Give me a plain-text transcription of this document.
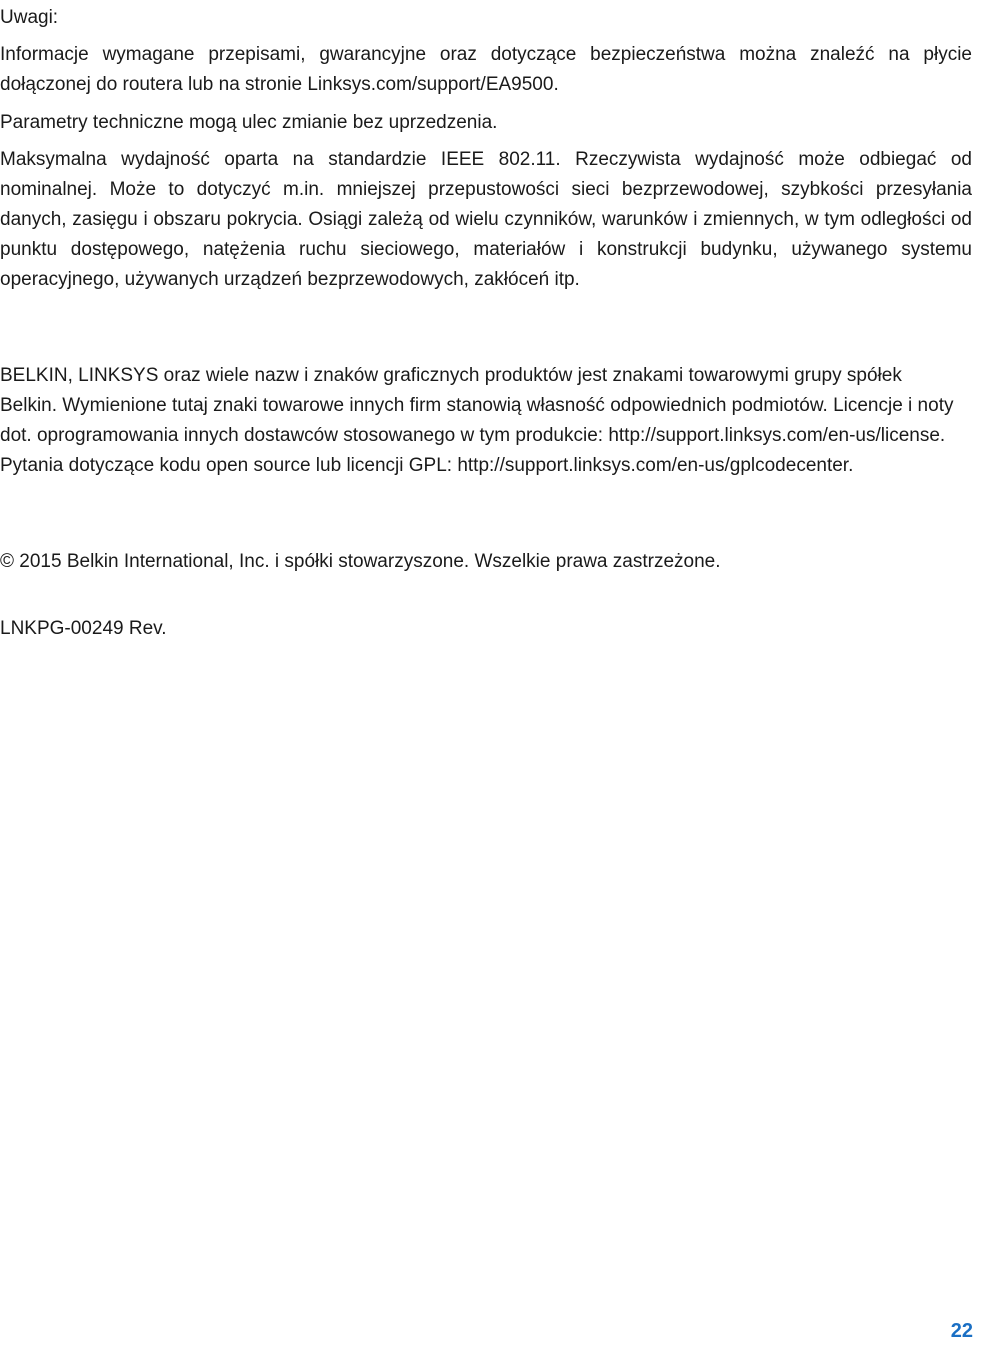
Uwagi:

Informacje wymagane przepisami, gwarancyjne oraz dotyczące bezpieczeństwa można znaleźć na płycie dołączonej do routera lub na stronie Linksys.com/support/EA9500.

Parametry techniczne mogą ulec zmianie bez uprzedzenia.

Maksymalna wydajność oparta na standardzie IEEE 802.11. Rzeczywista wydajność może odbiegać od nominalnej. Może to dotyczyć m.in. mniejszej przepustowości sieci bezprzewodowej, szybkości przesyłania danych, zasięgu i obszaru pokrycia. Osiągi zależą od wielu czynników, warunków i zmiennych, w tym odległości od punktu dostępowego, natężenia ruchu sieciowego, materiałów i konstrukcji budynku, używanego systemu operacyjnego, używanych urządzeń bezprzewodowych, zakłóceń itp.

BELKIN, LINKSYS oraz wiele nazw i znaków graficznych produktów jest znakami towarowymi grupy spółek Belkin. Wymienione tutaj znaki towarowe innych firm stanowią własność odpowiednich podmiotów. Licencje i noty dot. oprogramowania innych dostawców stosowanego w tym produkcie: http://support.linksys.com/en-us/license. Pytania dotyczące kodu open source lub licencji GPL: http://support.linksys.com/en-us/gplcodecenter.

© 2015 Belkin International, Inc. i spółki stowarzyszone. Wszelkie prawa zastrzeżone.

LNKPG-00249 Rev.

22
